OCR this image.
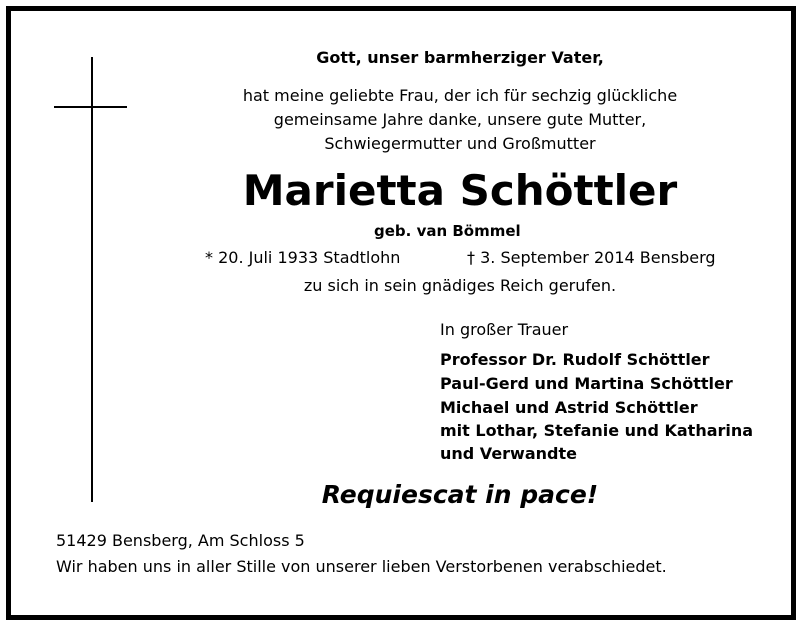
Gott, unser barmherziger Vater,
hat meine geliebte Frau, der ich für sechzig glückliche
gemeinsame Jahre danke, unsere gute Mutter,
Schwiegermutter und Großmutter
Marietta Schöttler
geb. van Bömmel
* 20. Juli 1933 Stadtlohn	† 3. September 2014 Bensberg
zu sich in sein gnädiges Reich gerufen.
In großer Trauer
Professor Dr. Rudolf Schöttler
Paul-Gerd und Martina Schöttler
Michael und Astrid Schöttler
mit Lothar, Stefanie und Katharina
und Verwandte
Requiescat in pace!
51429 Bensberg, Am Schloss 5
Wir haben uns in aller Stille von unserer lieben Verstorbenen verabschiedet.
